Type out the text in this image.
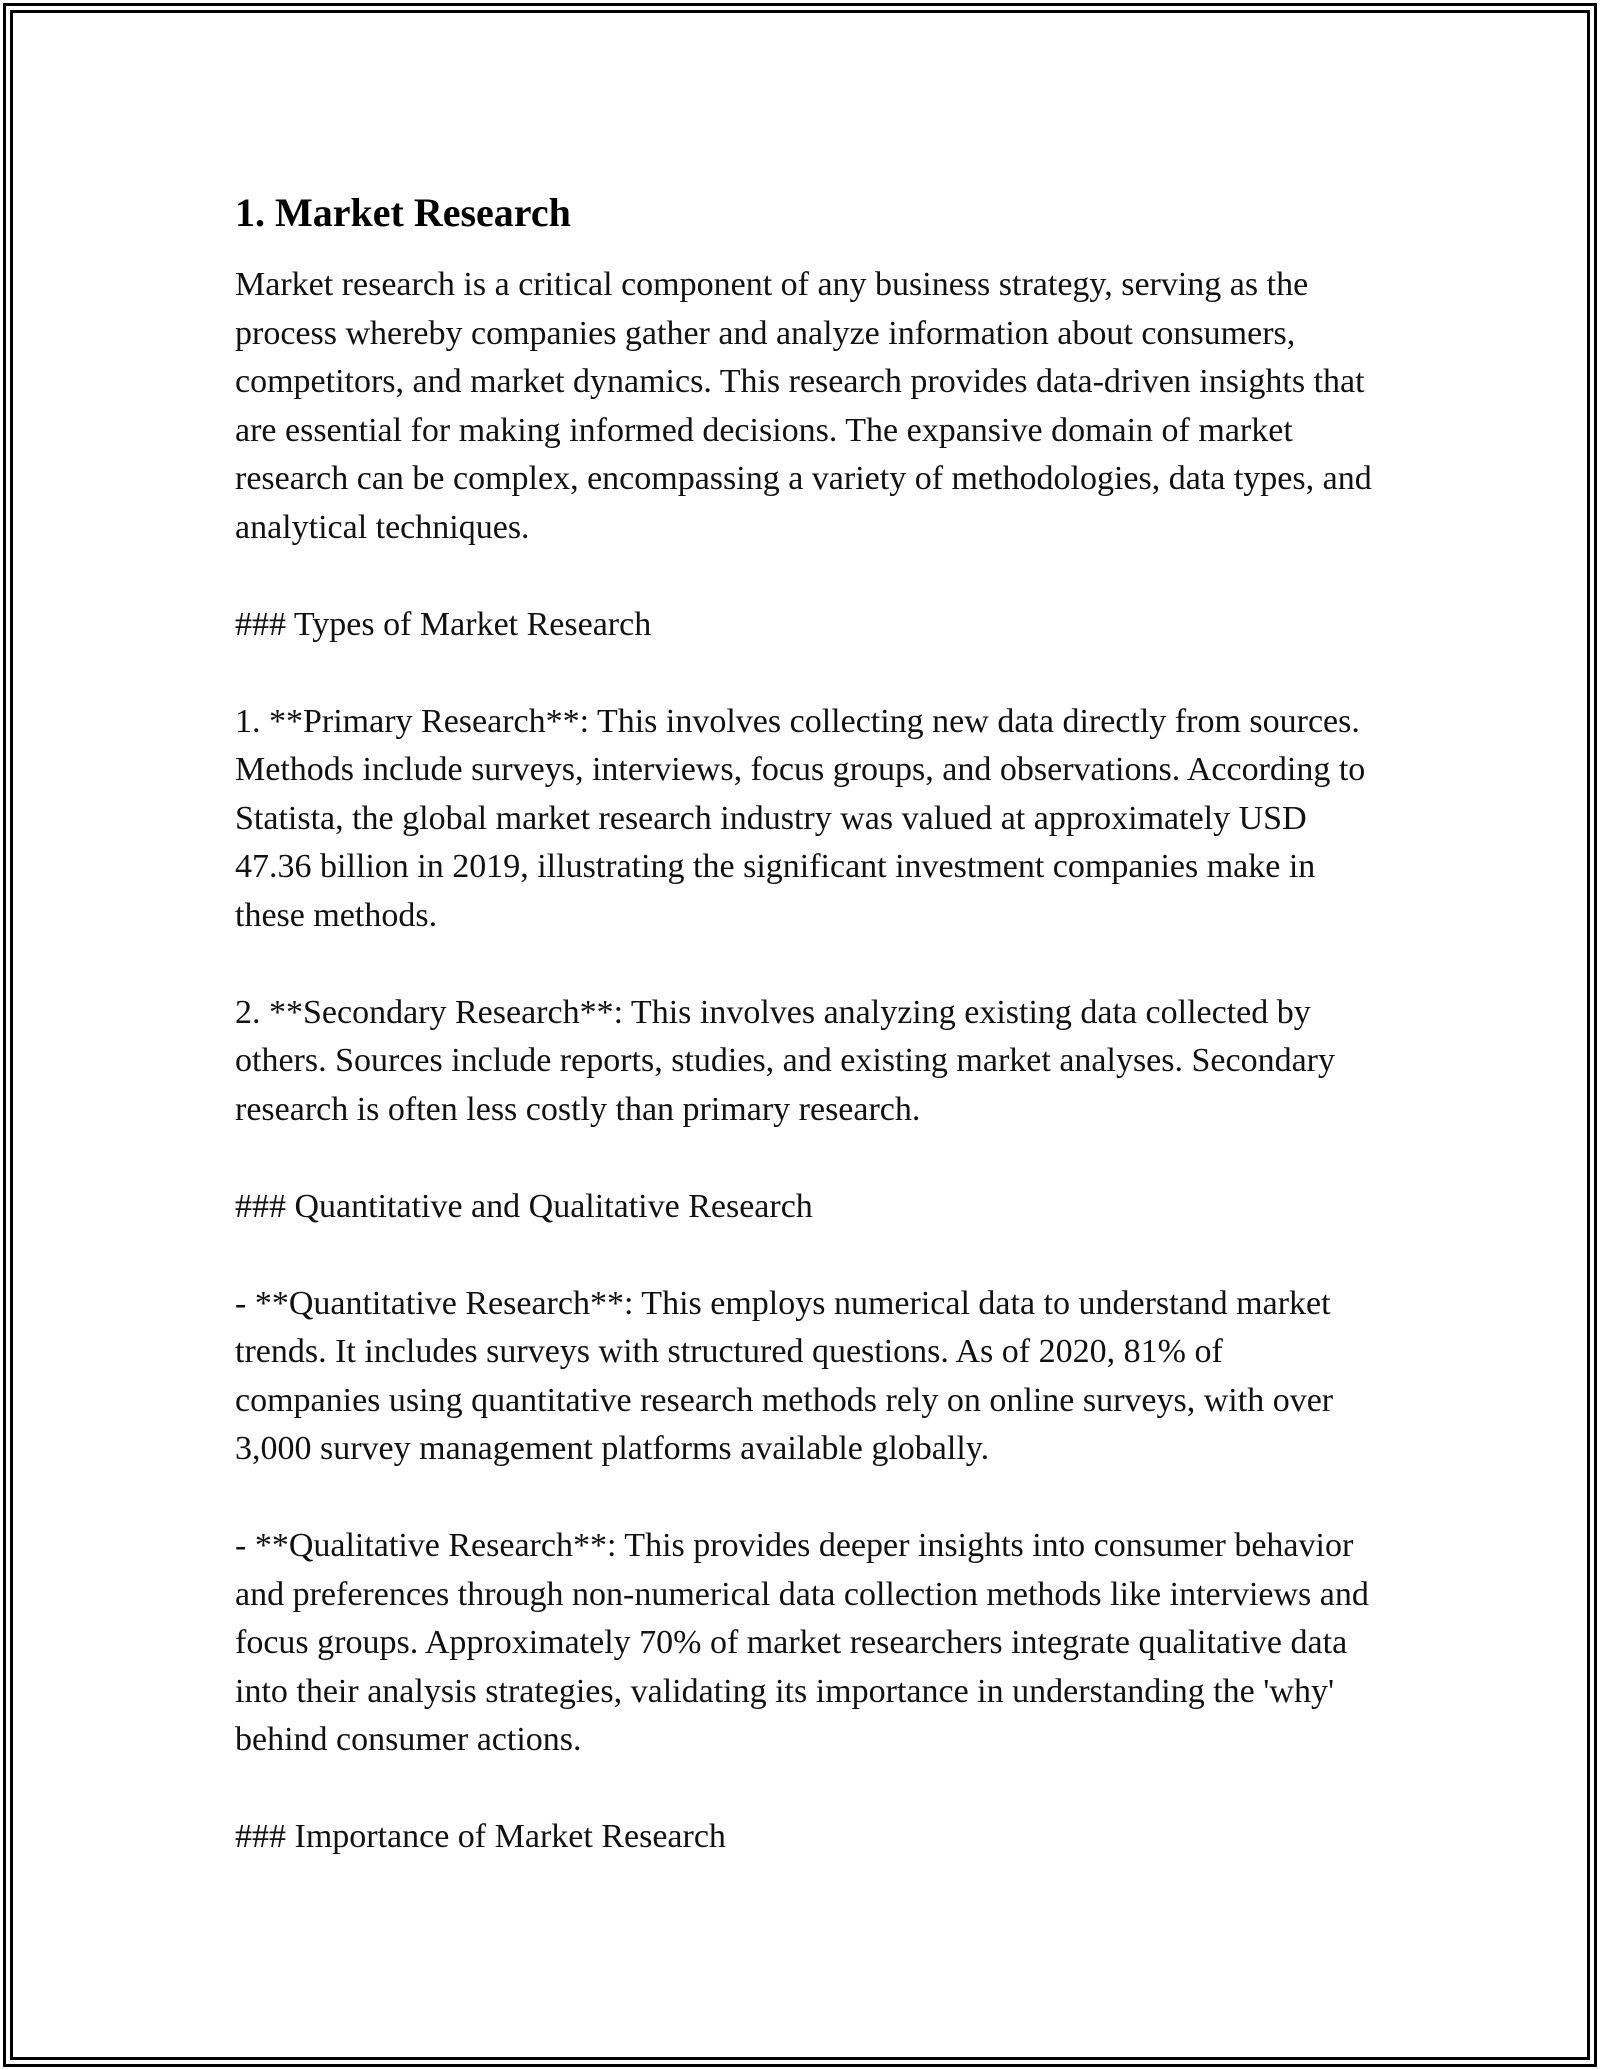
1. Market Research

Market research is a critical component of any business strategy, serving as the process whereby companies gather and analyze information about consumers, competitors, and market dynamics. This research provides data-driven insights that are essential for making informed decisions. The expansive domain of market research can be complex, encompassing a variety of methodologies, data types, and analytical techniques.

### Types of Market Research

1. **Primary Research**: This involves collecting new data directly from sources. Methods include surveys, interviews, focus groups, and observations. According to Statista, the global market research industry was valued at approximately USD 47.36 billion in 2019, illustrating the significant investment companies make in these methods.

2. **Secondary Research**: This involves analyzing existing data collected by others. Sources include reports, studies, and existing market analyses. Secondary research is often less costly than primary research.

### Quantitative and Qualitative Research

- **Quantitative Research**: This employs numerical data to understand market trends. It includes surveys with structured questions. As of 2020, 81% of companies using quantitative research methods rely on online surveys, with over 3,000 survey management platforms available globally.

- **Qualitative Research**: This provides deeper insights into consumer behavior and preferences through non-numerical data collection methods like interviews and focus groups. Approximately 70% of market researchers integrate qualitative data into their analysis strategies, validating its importance in understanding the 'why' behind consumer actions.

### Importance of Market Research
